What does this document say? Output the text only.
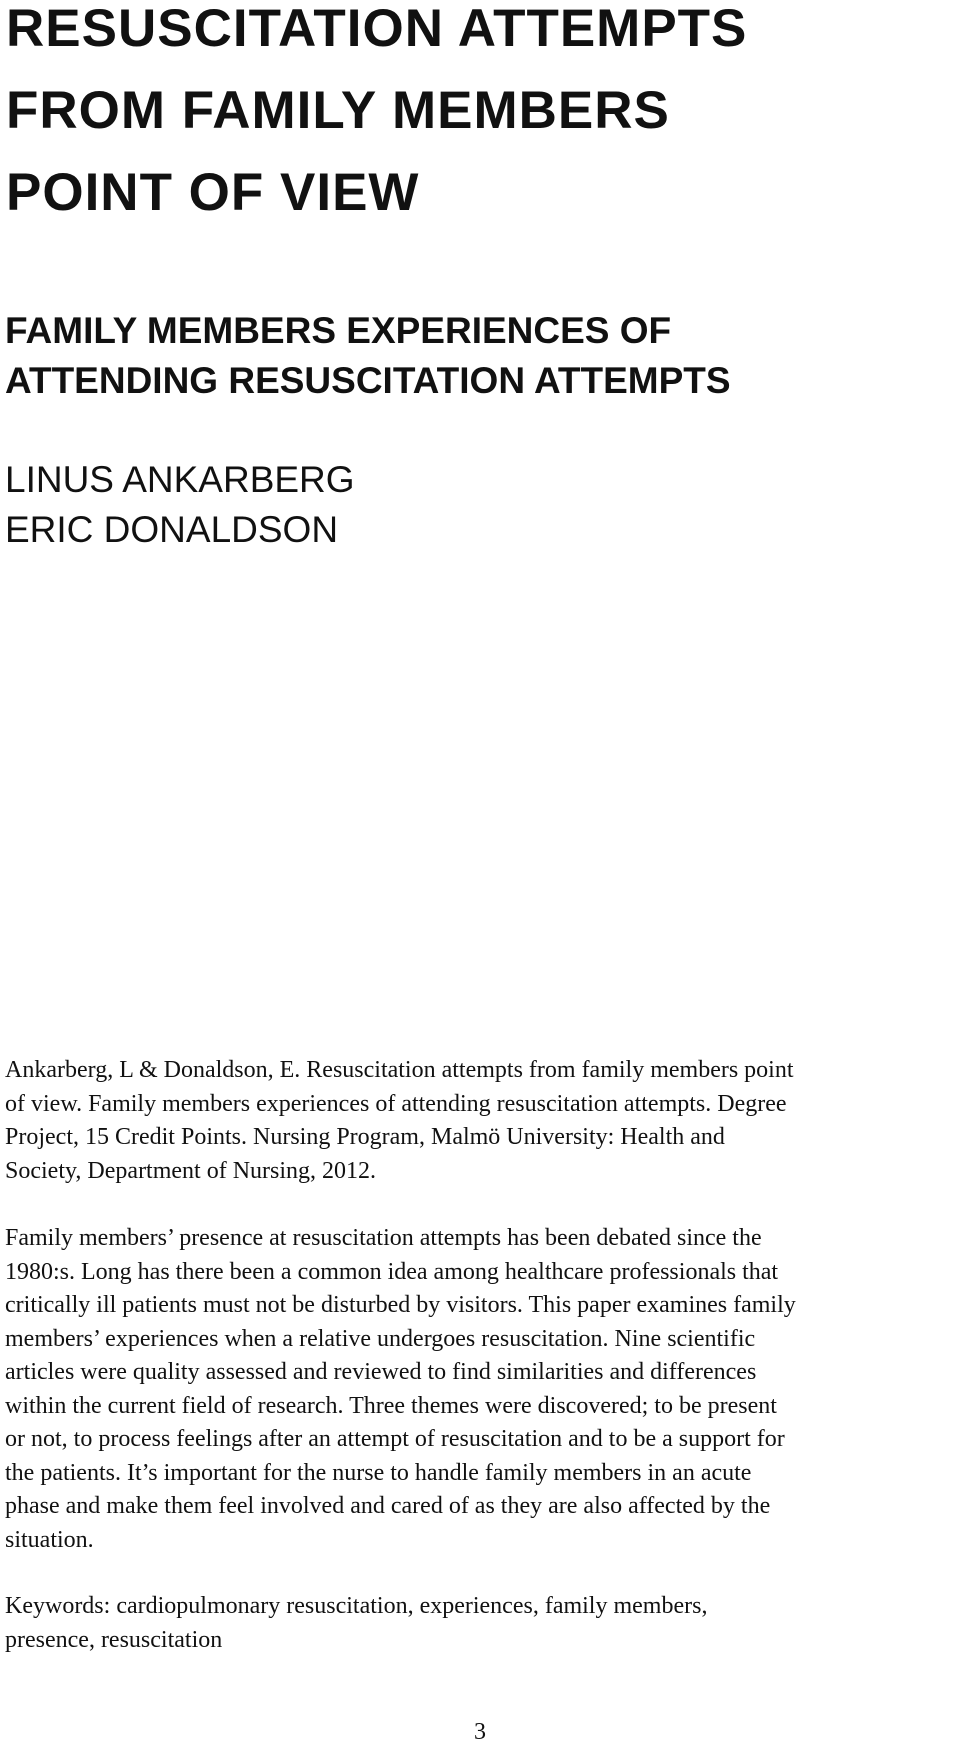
RESUSCITATION ATTEMPTS
FROM FAMILY MEMBERS
POINT OF VIEW
FAMILY MEMBERS EXPERIENCES OF
ATTENDING RESUSCITATION ATTEMPTS
LINUS ANKARBERG
ERIC DONALDSON

Ankarberg, L & Donaldson, E. Resuscitation attempts from family members point
of view. Family members experiences of attending resuscitation attempts. Degree
Project, 15 Credit Points. Nursing Program, Malmö University: Health and
Society, Department of Nursing, 2012.

Family members’ presence at resuscitation attempts has been debated since the
1980:s. Long has there been a common idea among healthcare professionals that
critically ill patients must not be disturbed by visitors. This paper examines family
members’ experiences when a relative undergoes resuscitation. Nine scientific
articles were quality assessed and reviewed to find similarities and differences
within the current field of research. Three themes were discovered; to be present
or not, to process feelings after an attempt of resuscitation and to be a support for
the patients. It’s important for the nurse to handle family members in an acute
phase and make them feel involved and cared of as they are also affected by the
situation.

Keywords: cardiopulmonary resuscitation, experiences, family members,
presence, resuscitation

3
